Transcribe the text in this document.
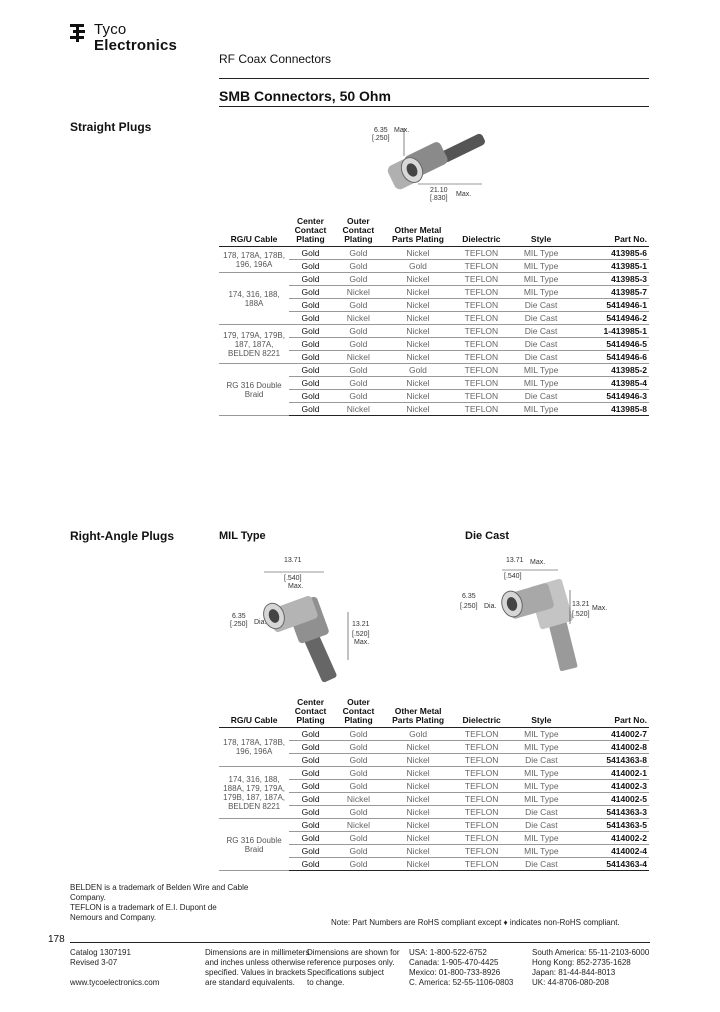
Tyco
Electronics
RF Coax Connectors
SMB Connectors, 50 Ohm
Straight Plugs	6.35
[.250]
Max.
21.10
[.830]
Max.
RG/U Cable	Center Contact Plating	Outer Contact Plating	Other Metal Parts Plating	Dielectric	Style	Part No.
178, 178A, 178B, 196, 196A	Gold	Gold	Nickel	TEFLON	MIL Type	413985-6
	Gold	Gold	Gold	TEFLON	MIL Type	413985-1
174, 316, 188, 188A	Gold	Gold	Nickel	TEFLON	MIL Type	413985-3
	Gold	Nickel	Nickel	TEFLON	MIL Type	413985-7
	Gold	Gold	Nickel	TEFLON	Die Cast	5414946-1
	Gold	Nickel	Nickel	TEFLON	Die Cast	5414946-2
179, 179A, 179B, 187, 187A, BELDEN 8221	Gold	Gold	Nickel	TEFLON	Die Cast	1-413985-1
	Gold	Gold	Nickel	TEFLON	Die Cast	5414946-5
	Gold	Nickel	Nickel	TEFLON	Die Cast	5414946-6
RG 316 Double Braid	Gold	Gold	Gold	TEFLON	MIL Type	413985-2
	Gold	Gold	Nickel	TEFLON	MIL Type	413985-4
	Gold	Gold	Nickel	TEFLON	Die Cast	5414946-3
	Gold	Nickel	Nickel	TEFLON	MIL Type	413985-8
Right-Angle Plugs	MIL Type	Die Cast
13.71
[.540]
Max.
6.35
[.250] Dia.	13.21
[.520]
Max.
13.71
[.540]
Max.
6.35
[.250] Dia.	13.21
[.520]
Max.
RG/U Cable	Center Contact Plating	Outer Contact Plating	Other Metal Parts Plating	Dielectric	Style	Part No.
178, 178A, 178B, 196, 196A	Gold	Gold	Gold	TEFLON	MIL Type	414002-7
	Gold	Gold	Nickel	TEFLON	MIL Type	414002-8
	Gold	Gold	Nickel	TEFLON	Die Cast	5414363-8
174, 316, 188, 188A, 179, 179A, 179B, 187, 187A, BELDEN 8221	Gold	Gold	Nickel	TEFLON	MIL Type	414002-1
	Gold	Gold	Nickel	TEFLON	MIL Type	414002-3
	Gold	Nickel	Nickel	TEFLON	MIL Type	414002-5
	Gold	Gold	Nickel	TEFLON	Die Cast	5414363-3
RG 316 Double Braid	Gold	Nickel	Nickel	TEFLON	Die Cast	5414363-5
	Gold	Gold	Nickel	TEFLON	MIL Type	414002-2
	Gold	Gold	Nickel	TEFLON	MIL Type	414002-4
	Gold	Gold	Nickel	TEFLON	Die Cast	5414363-4
BELDEN is a trademark of Belden Wire and Cable Company.
TEFLON is a trademark of E.I. Dupont de Nemours and Company.
Note: Part Numbers are RoHS compliant except ♦ indicates non-RoHS compliant.
178
Catalog 1307191
Revised 3-07
www.tycoelectronics.com
Dimensions are in millimeters
and inches unless otherwise
specified. Values in brackets
are standard equivalents.
Dimensions are shown for
reference purposes only.
Specifications subject
to change.
USA: 1-800-522-6752
Canada: 1-905-470-4425
Mexico: 01-800-733-8926
C. America: 52-55-1106-0803
South America: 55-11-2103-6000
Hong Kong: 852-2735-1628
Japan: 81-44-844-8013
UK: 44-8706-080-208
